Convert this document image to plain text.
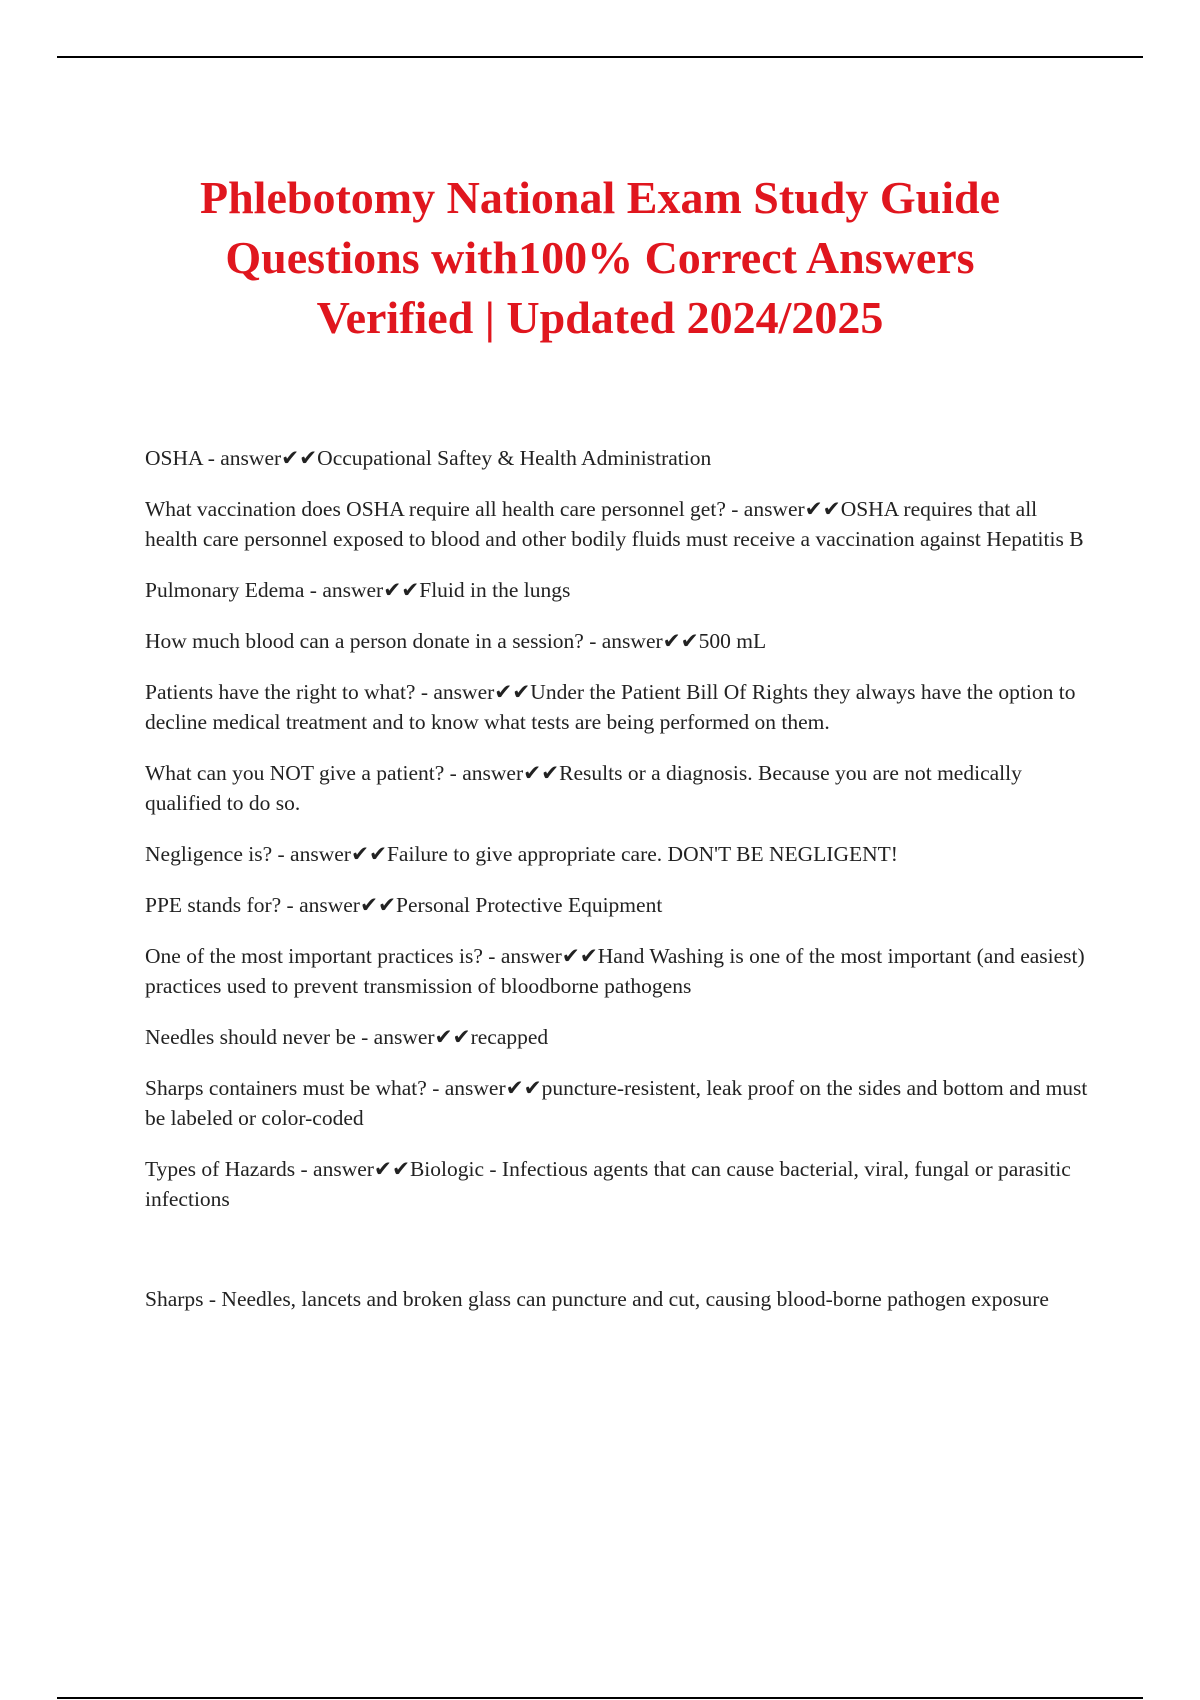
Phlebotomy National Exam Study Guide
Questions with100% Correct Answers
Verified | Updated 2024/2025
OSHA - answer✔✔Occupational Saftey & Health Administration
What vaccination does OSHA require all health care personnel get? - answer✔✔OSHA requires that all health care personnel exposed to blood and other bodily fluids must receive a vaccination against Hepatitis B
Pulmonary Edema - answer✔✔Fluid in the lungs
How much blood can a person donate in a session? - answer✔✔500 mL
Patients have the right to what? - answer✔✔Under the Patient Bill Of Rights they always have the option to decline medical treatment and to know what tests are being performed on them.
What can you NOT give a patient? - answer✔✔Results or a diagnosis. Because you are not medically qualified to do so.
Negligence is? - answer✔✔Failure to give appropriate care. DON'T BE NEGLIGENT!
PPE stands for? - answer✔✔Personal Protective Equipment
One of the most important practices is? - answer✔✔Hand Washing is one of the most important (and easiest) practices used to prevent transmission of bloodborne pathogens
Needles should never be - answer✔✔recapped
Sharps containers must be what? - answer✔✔puncture-resistent, leak proof on the sides and bottom and must be labeled or color-coded
Types of Hazards - answer✔✔Biologic - Infectious agents that can cause bacterial, viral, fungal or parasitic infections
Sharps - Needles, lancets and broken glass can puncture and cut, causing blood-borne pathogen exposure
